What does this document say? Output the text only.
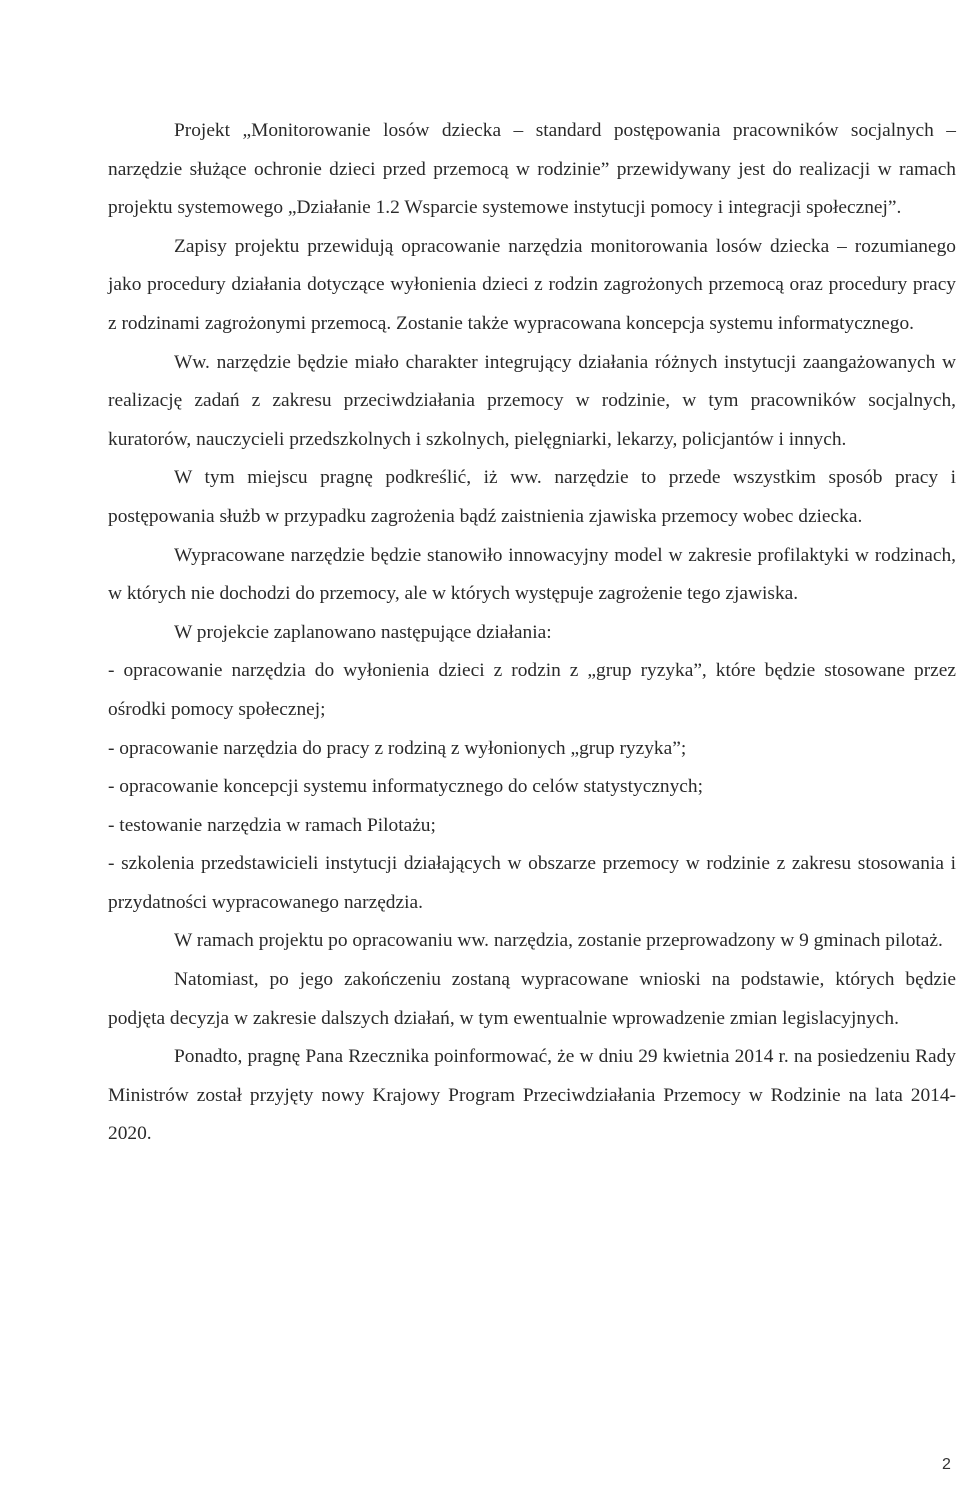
Projekt „Monitorowanie losów dziecka – standard postępowania pracowników socjalnych – narzędzie służące ochronie dzieci przed przemocą w rodzinie” przewidywany jest do realizacji w ramach projektu systemowego „Działanie 1.2 Wsparcie systemowe instytucji pomocy i integracji społecznej”.

Zapisy projektu przewidują opracowanie narzędzia monitorowania losów dziecka – rozumianego jako procedury działania dotyczące wyłonienia dzieci z rodzin zagrożonych przemocą oraz procedury pracy z rodzinami zagrożonymi przemocą. Zostanie także wypracowana koncepcja systemu informatycznego.

Ww. narzędzie będzie miało charakter integrujący działania różnych instytucji zaangażowanych w realizację zadań z zakresu przeciwdziałania przemocy w rodzinie, w tym pracowników socjalnych, kuratorów, nauczycieli przedszkolnych i szkolnych, pielęgniarki, lekarzy, policjantów i innych.

W tym miejscu pragnę podkreślić, iż ww. narzędzie to przede wszystkim sposób pracy i postępowania służb w przypadku zagrożenia bądź zaistnienia zjawiska przemocy wobec dziecka.

Wypracowane narzędzie będzie stanowiło innowacyjny model w zakresie profilaktyki w rodzinach, w których nie dochodzi do przemocy, ale w których występuje zagrożenie tego zjawiska.

W projekcie zaplanowano następujące działania:

- opracowanie narzędzia do wyłonienia dzieci z rodzin z „grup ryzyka”, które będzie stosowane przez ośrodki pomocy społecznej;

- opracowanie narzędzia do pracy z rodziną z wyłonionych „grup ryzyka”;

- opracowanie koncepcji systemu informatycznego do celów statystycznych;

- testowanie narzędzia w ramach Pilotażu;

- szkolenia przedstawicieli instytucji działających w obszarze przemocy w rodzinie z zakresu stosowania i przydatności wypracowanego narzędzia.

W ramach projektu po opracowaniu ww. narzędzia, zostanie przeprowadzony w 9 gminach pilotaż.

Natomiast, po jego zakończeniu zostaną wypracowane wnioski na podstawie, których będzie podjęta decyzja w zakresie dalszych działań, w tym ewentualnie wprowadzenie zmian legislacyjnych.

Ponadto, pragnę Pana Rzecznika poinformować, że w dniu 29 kwietnia 2014 r. na posiedzeniu Rady Ministrów został przyjęty nowy Krajowy Program Przeciwdziałania Przemocy w Rodzinie na lata 2014-2020.

2
